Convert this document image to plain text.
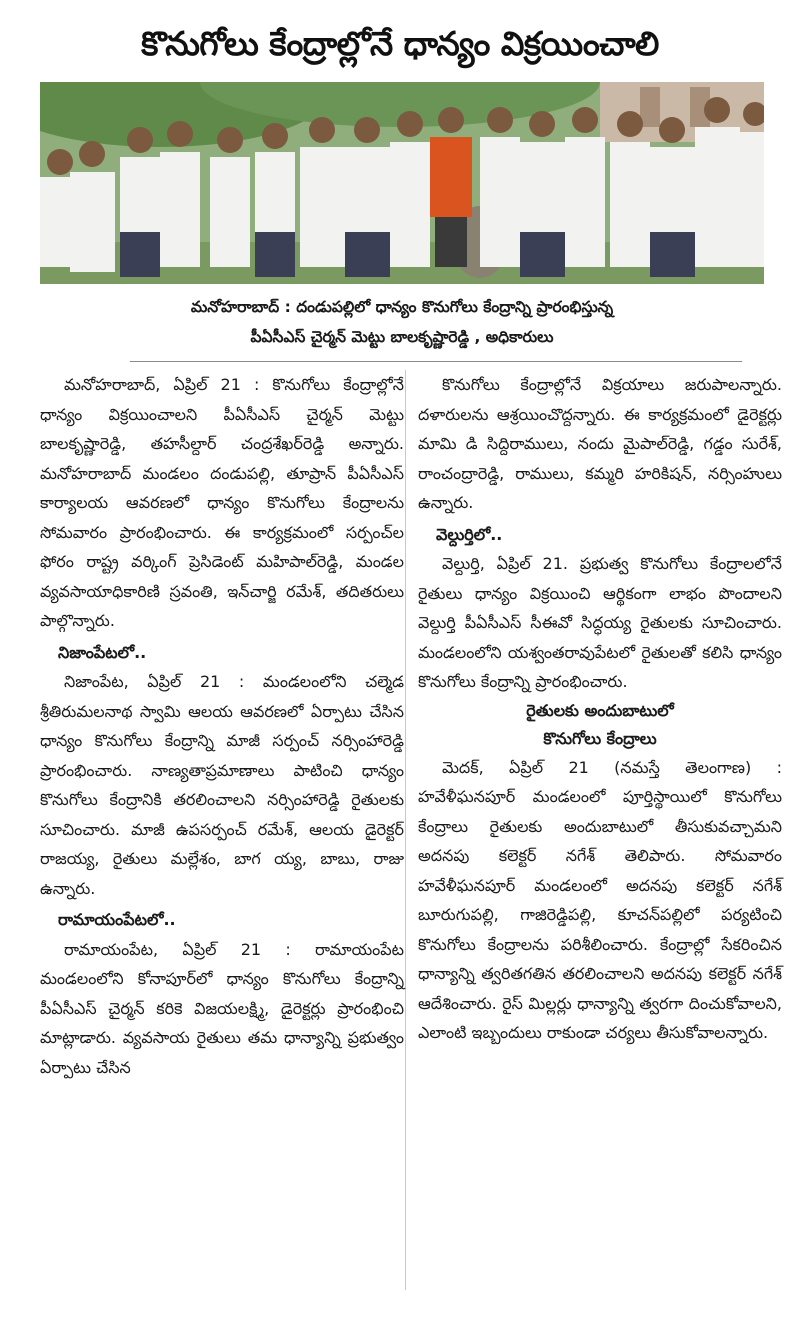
కొనుగోలు కేంద్రాల్లోనే ధాన్యం విక్రయించాలి
మనోహరాబాద్ : దండుపల్లిలో ధాన్యం కొనుగోలు కేంద్రాన్ని ప్రారంభిస్తున్న
పీఏసీఎస్ చైర్మన్ మెట్టు బాలకృష్ణారెడ్డి , అధికారులు

మనోహరాబాద్, ఏప్రిల్ 21 : కొనుగోలు కేంద్రాల్లోనే ధాన్యం విక్రయించాలని పీఏసీఎస్ చైర్మన్ మెట్టు బాలకృష్ణారెడ్డి, తహసీల్దార్ చంద్రశేఖర్‌రెడ్డి అన్నారు. మనోహరాబాద్ మండలం దండుపల్లి, తూప్రాన్ పీఏసీఎస్ కార్యాలయ ఆవరణలో ధాన్యం కొనుగోలు కేంద్రాలను సోమవారం ప్రారంభించారు. ఈ కార్యక్రమంలో సర్పంచ్‌ల ఫోరం రాష్ట్ర వర్కింగ్ ప్రెసిడెంట్ మహిపాల్‌రెడ్డి, మండల వ్యవసాయాధికారిణి స్రవంతి, ఇన్‌చార్జి రమేశ్, తదితరులు పాల్గొన్నారు.

నిజాంపేటలో..

నిజాంపేట, ఏప్రిల్ 21 : మండలంలోని చల్మెడ శ్రీతిరుమలనాథ స్వామి ఆలయ ఆవరణలో ఏర్పాటు చేసిన ధాన్యం కొనుగోలు కేంద్రాన్ని మాజీ సర్పంచ్ నర్సింహారెడ్డి ప్రారంభించారు. నాణ్యతాప్రమాణాలు పాటించి ధాన్యం కొనుగోలు కేంద్రానికి తరలించాలని నర్సింహారెడ్డి రైతులకు సూచించారు. మాజీ ఉపసర్పంచ్ రమేశ్, ఆలయ డైరెక్టర్ రాజయ్య, రైతులు మల్లేశం, బాగ య్య, బాబు, రాజు ఉన్నారు.

రామాయంపేటలో..

రామాయంపేట, ఏప్రిల్ 21 : రామాయంపేట మండలంలోని కోనాపూర్‌లో ధాన్యం కొనుగోలు కేంద్రాన్ని పీఏసీఎస్ చైర్మన్ కరికె విజయలక్ష్మి, డైరెక్టర్లు ప్రారంభించి మాట్లాడారు. వ్యవసాయ రైతులు తమ ధాన్యాన్ని ప్రభుత్వం ఏర్పాటు చేసిన

కొనుగోలు కేంద్రాల్లోనే విక్రయాలు జరుపాలన్నారు. దళారులను ఆశ్రయించొద్దన్నారు. ఈ కార్యక్రమంలో డైరెక్టర్లు మామి డి సిద్దిరాములు, నందు మైపాల్‌రెడ్డి, గడ్డం సురేశ్, రాంచంద్రారెడ్డి, రాములు, కమ్మరి హరికిషన్, నర్సింహులు ఉన్నారు.

వెల్దుర్తిలో..

వెల్దుర్తి, ఏప్రిల్ 21. ప్రభుత్వ కొనుగోలు కేంద్రాలలోనే రైతులు ధాన్యం విక్రయించి ఆర్థికంగా లాభం పొందాలని వెల్దుర్తి పీఏసీఎస్ సీఈవో సిద్ధయ్య రైతులకు సూచించారు. మండలంలోని యశ్వంతరావుపేటలో రైతులతో కలిసి ధాన్యం కొనుగోలు కేంద్రాన్ని ప్రారంభించారు.

రైతులకు అందుబాటులో
కొనుగోలు కేంద్రాలు

మెదక్, ఏప్రిల్ 21 (నమస్తే తెలంగాణ) : హవేళీఘనపూర్ మండలంలో పూర్తిస్థాయిలో కొనుగోలు కేంద్రాలు రైతులకు అందుబాటులో తీసుకువచ్చామని అదనపు కలెక్టర్ నగేశ్ తెలిపారు. సోమవారం హవేళీఘనపూర్ మండలంలో అదనపు కలెక్టర్ నగేశ్ బూరుగుపల్లి, గాజిరెడ్డిపల్లి, కూచన్‌పల్లిలో పర్యటించి కొనుగోలు కేంద్రాలను పరిశీలించారు. కేంద్రాల్లో సేకరించిన ధాన్యాన్ని త్వరితగతిన తరలించాలని అదనపు కలెక్టర్ నగేశ్ ఆదేశించారు. రైస్ మిల్లర్లు ధాన్యాన్ని త్వరగా దించుకోవాలని, ఎలాంటి ఇబ్బందులు రాకుండా చర్యలు తీసుకోవాలన్నారు.
